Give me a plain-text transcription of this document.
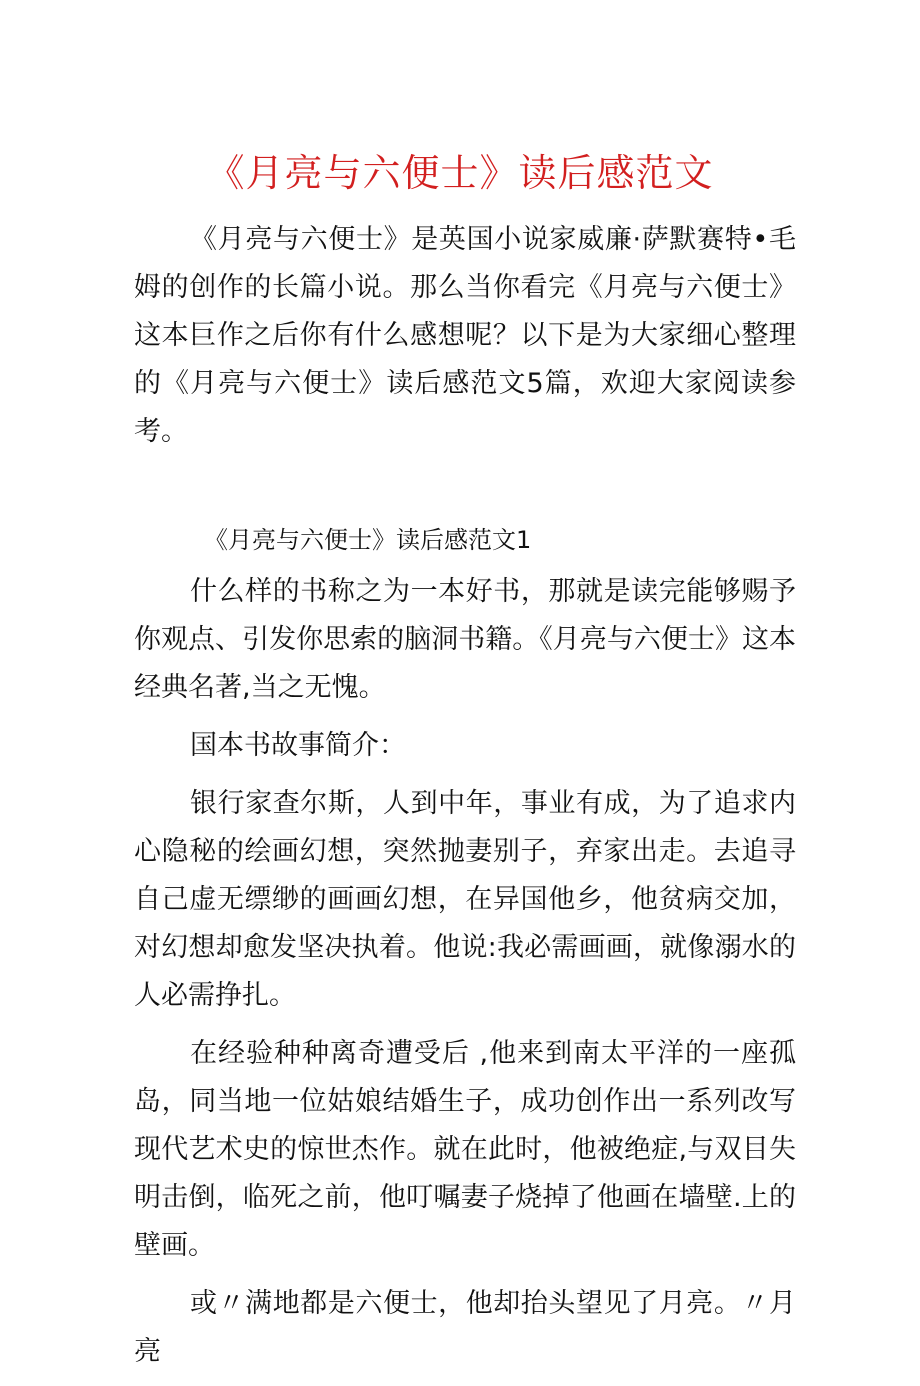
《月亮与六便士》读后感范文

《月亮与六便士》是英国小说家威廉·萨默赛特•毛姆的创作的长篇小说。那么当你看完《月亮与六便士》这本巨作之后你有什么感想呢？以下是为大家细心整理的《月亮与六便士》读后感范文5篇，欢迎大家阅读参考。

《月亮与六便士》读后感范文1

什么样的书称之为一本好书，那就是读完能够赐予你观点、引发你思索的脑洞书籍。《月亮与六便士》这本经典名著,当之无愧。

国本书故事简介：

银行家查尔斯，人到中年，事业有成，为了追求内心隐秘的绘画幻想，突然抛妻别子，弃家出走。去追寻自己虚无缥缈的画画幻想，在异国他乡，他贫病交加，对幻想却愈发坚决执着。他说:我必需画画，就像溺水的人必需挣扎。

在经验种种离奇遭受后 ,他来到南太平洋的一座孤岛，同当地一位姑娘结婚生子，成功创作出一系列改写现代艺术史的惊世杰作。就在此时，他被绝症,与双目失明击倒，临死之前，他叮嘱妻子烧掉了他画在墙壁.上的壁画。

或〃满地都是六便士，他却抬头望见了月亮。〃月亮
